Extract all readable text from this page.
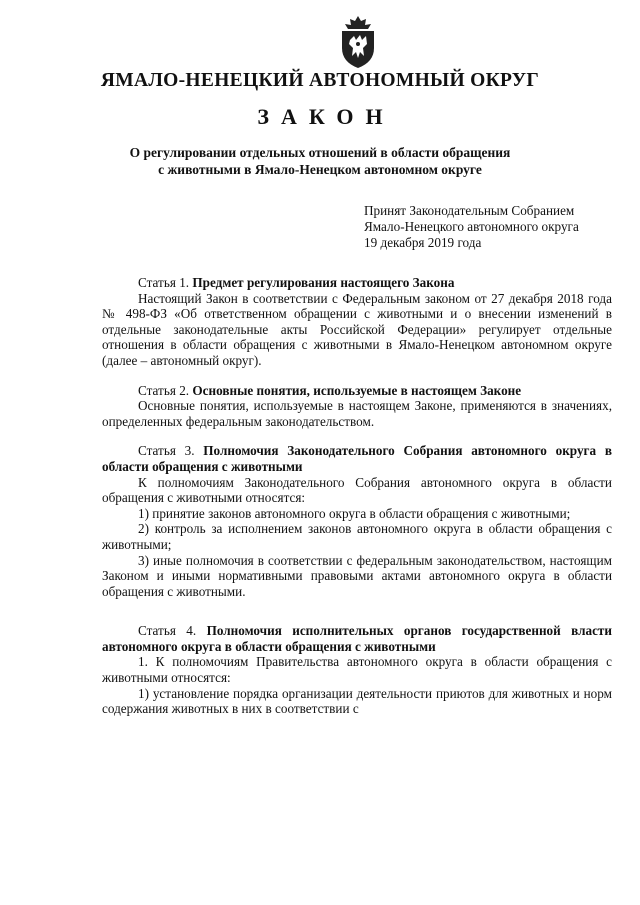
ЯМАЛО-НЕНЕЦКИЙ АВТОНОМНЫЙ ОКРУГ
ЗАКОН
О регулировании отдельных отношений в области обращения
с животными в Ямало-Ненецком автономном округе
Принят Законодательным Собранием
Ямало-Ненецкого автономного округа
19 декабря 2019 года

Статья 1. Предмет регулирования настоящего Закона

Настоящий Закон в соответствии с Федеральным законом от 27 декабря 2018 года № 498-ФЗ «Об ответственном обращении с животными и о внесении изменений в отдельные законодательные акты Российской Федерации» регулирует отдельные отношения в области обращения с животными в Ямало-Ненецком автономном округе (далее – автономный округ).

Статья 2. Основные понятия, используемые в настоящем Законе

Основные понятия, используемые в настоящем Законе, применяются в значениях, определенных федеральным законодательством.

Статья 3. Полномочия Законодательного Собрания автономного округа в области обращения с животными

К полномочиям Законодательного Собрания автономного округа в области обращения с животными относятся:

1) принятие законов автономного округа в области обращения с животными;

2) контроль за исполнением законов автономного округа в области обращения с животными;

3) иные полномочия в соответствии с федеральным законодательством, настоящим Законом и иными нормативными правовыми актами автономного округа в области обращения с животными.

Статья 4. Полномочия исполнительных органов государственной власти автономного округа в области обращения с животными

1. К полномочиям Правительства автономного округа в области обращения с животными относятся:

1) установление порядка организации деятельности приютов для животных и норм содержания животных в них в соответствии с
